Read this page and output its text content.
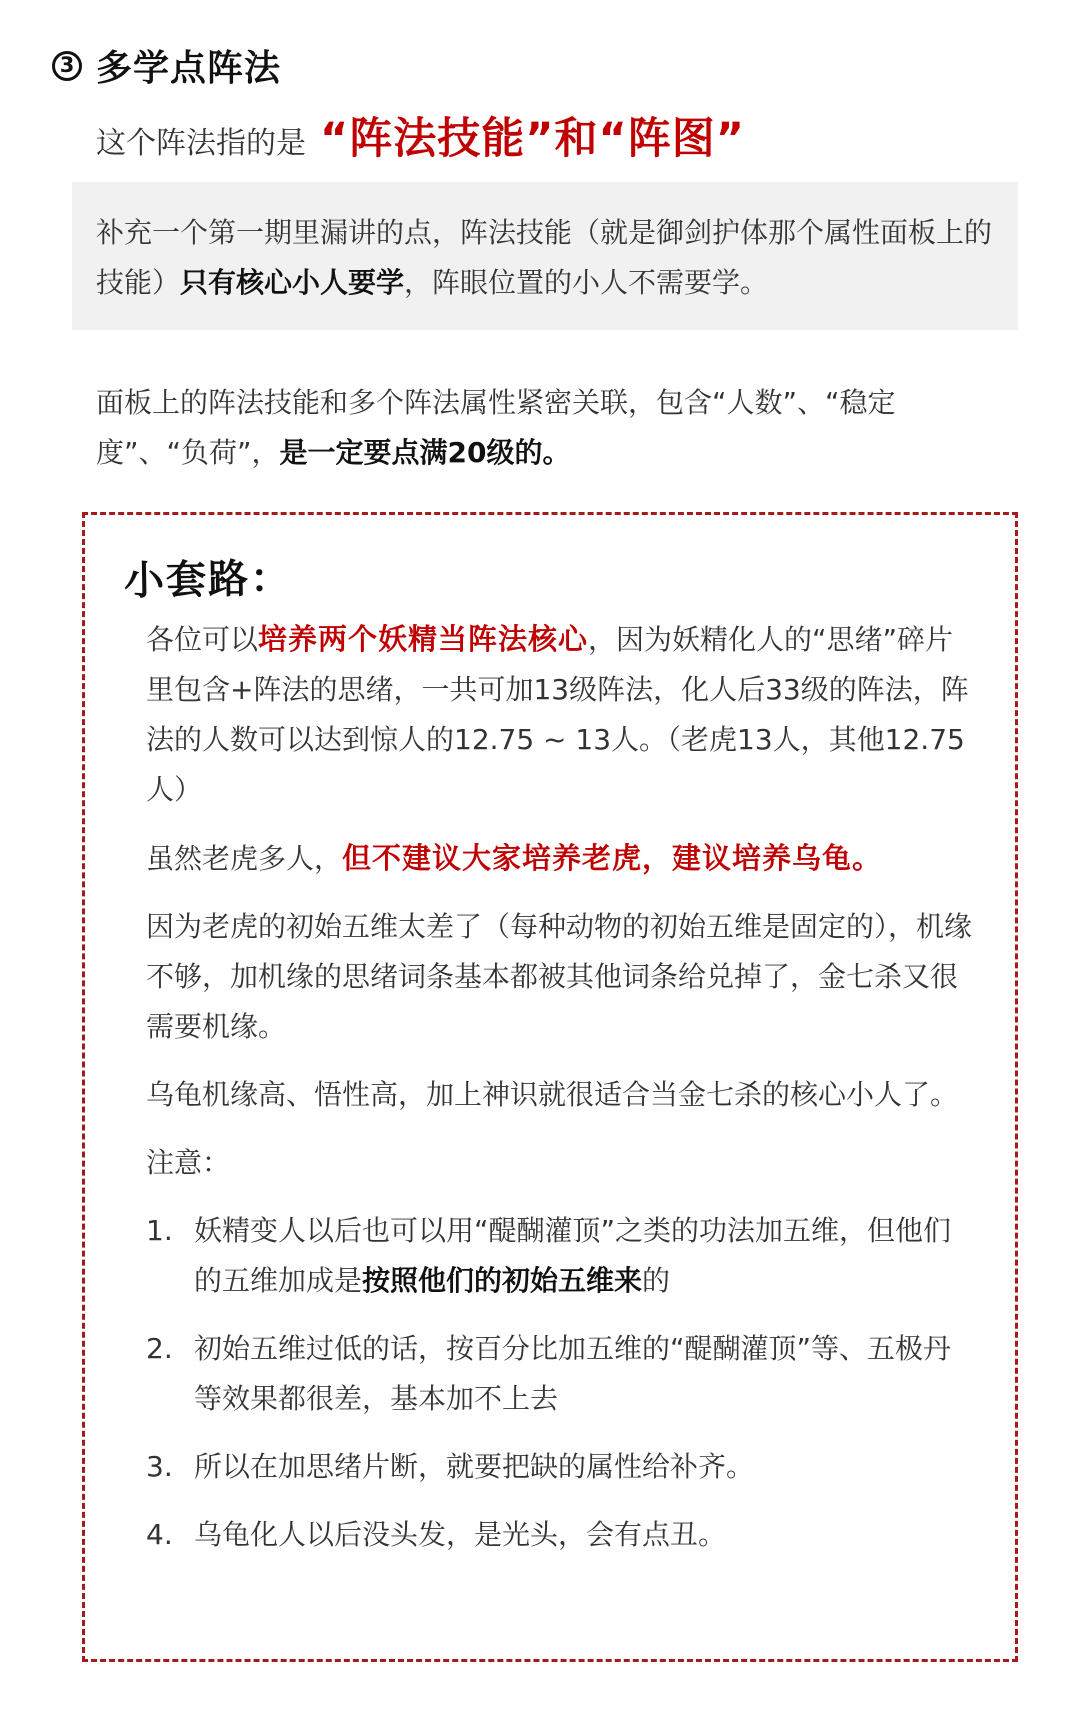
3 多学点阵法
这个阵法指的是 “阵法技能”和“阵图”
补充一个第一期里漏讲的点，阵法技能（就是御剑护体那个属性面板上的技能）只有核心小人要学，阵眼位置的小人不需要学。
面板上的阵法技能和多个阵法属性紧密关联，包含“人数”、“稳定度”、“负荷”，是一定要点满20级的。
小套路：

各位可以培养两个妖精当阵法核心，因为妖精化人的“思绪”碎片里包含+阵法的思绪，一共可加13级阵法，化人后33级的阵法，阵法的人数可以达到惊人的12.75 ~ 13人。（老虎13人，其他12.75人）

虽然老虎多人，但不建议大家培养老虎，建议培养乌龟。

因为老虎的初始五维太差了（每种动物的初始五维是固定的），机缘不够，加机缘的思绪词条基本都被其他词条给兑掉了，金七杀又很需要机缘。

乌龟机缘高、悟性高，加上神识就很适合当金七杀的核心小人了。

注意：

1. 妖精变人以后也可以用“醍醐灌顶”之类的功法加五维，但他们的五维加成是按照他们的初始五维来的
2. 初始五维过低的话，按百分比加五维的“醍醐灌顶”等、五极丹等效果都很差，基本加不上去
3. 所以在加思绪片断，就要把缺的属性给补齐。
4. 乌龟化人以后没头发，是光头，会有点丑。
